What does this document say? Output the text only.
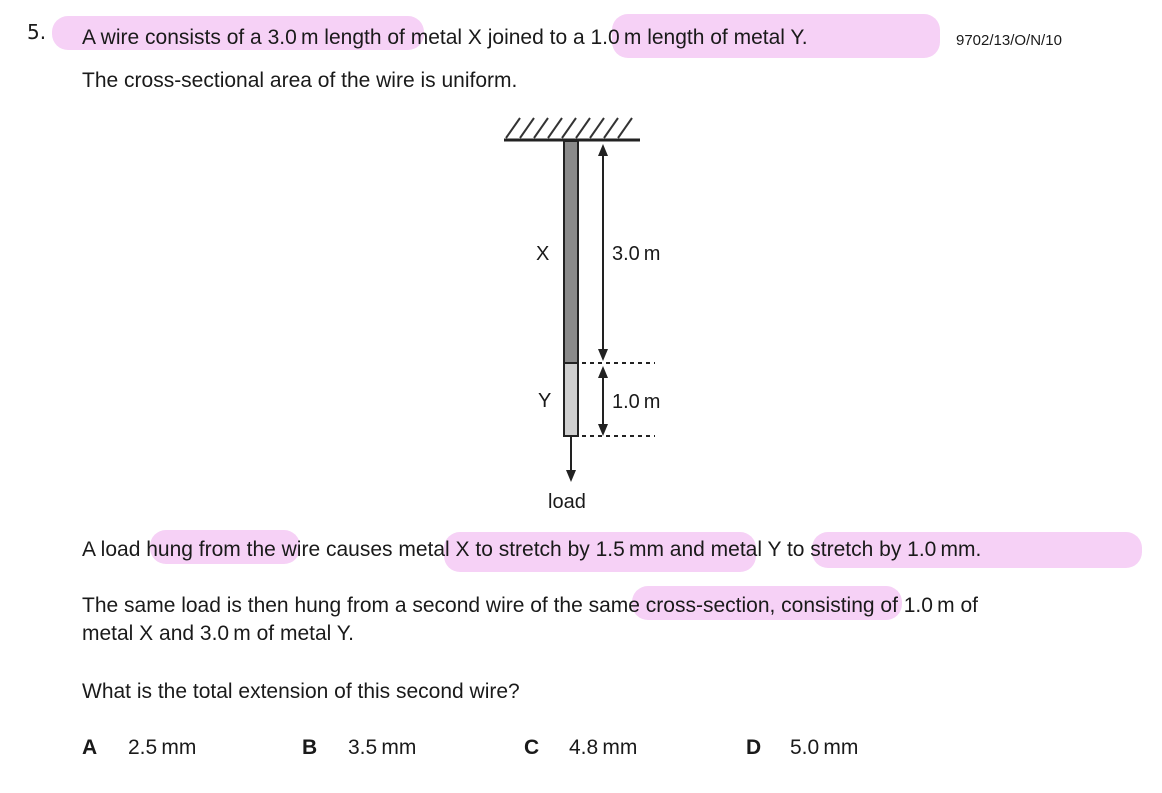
5. A wire consists of a 3.0 m length of metal X joined to a 1.0 m length of metal Y.	9702/13/O/N/10
The cross-sectional area of the wire is uniform.
X
Y
3.0 m
1.0 m
load
A load hung from the wire causes metal X to stretch by 1.5 mm and metal Y to stretch by 1.0 mm.
The same load is then hung from a second wire of the same cross-section, consisting of 1.0 m of
metal X and 3.0 m of metal Y.
What is the total extension of this second wire?
A 2.5 mm	B 3.5 mm	C 4.8 mm	D 5.0 mm
